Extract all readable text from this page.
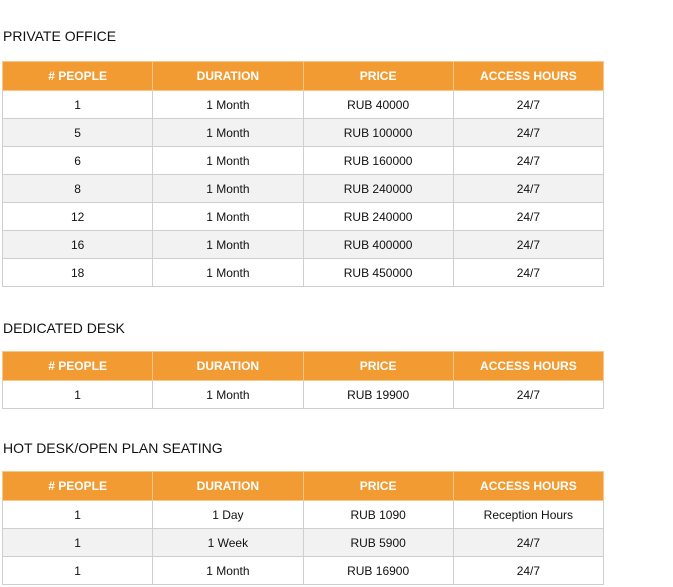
PRIVATE OFFICE
# PEOPLE	DURATION	PRICE	ACCESS HOURS
1	1 Month	RUB 40000	24/7
5	1 Month	RUB 100000	24/7
6	1 Month	RUB 160000	24/7
8	1 Month	RUB 240000	24/7
12	1 Month	RUB 240000	24/7
16	1 Month	RUB 400000	24/7
18	1 Month	RUB 450000	24/7
DEDICATED DESK
# PEOPLE	DURATION	PRICE	ACCESS HOURS
1	1 Month	RUB 19900	24/7
HOT DESK/OPEN PLAN SEATING
# PEOPLE	DURATION	PRICE	ACCESS HOURS
1	1 Day	RUB 1090	Reception Hours
1	1 Week	RUB 5900	24/7
1	1 Month	RUB 16900	24/7
